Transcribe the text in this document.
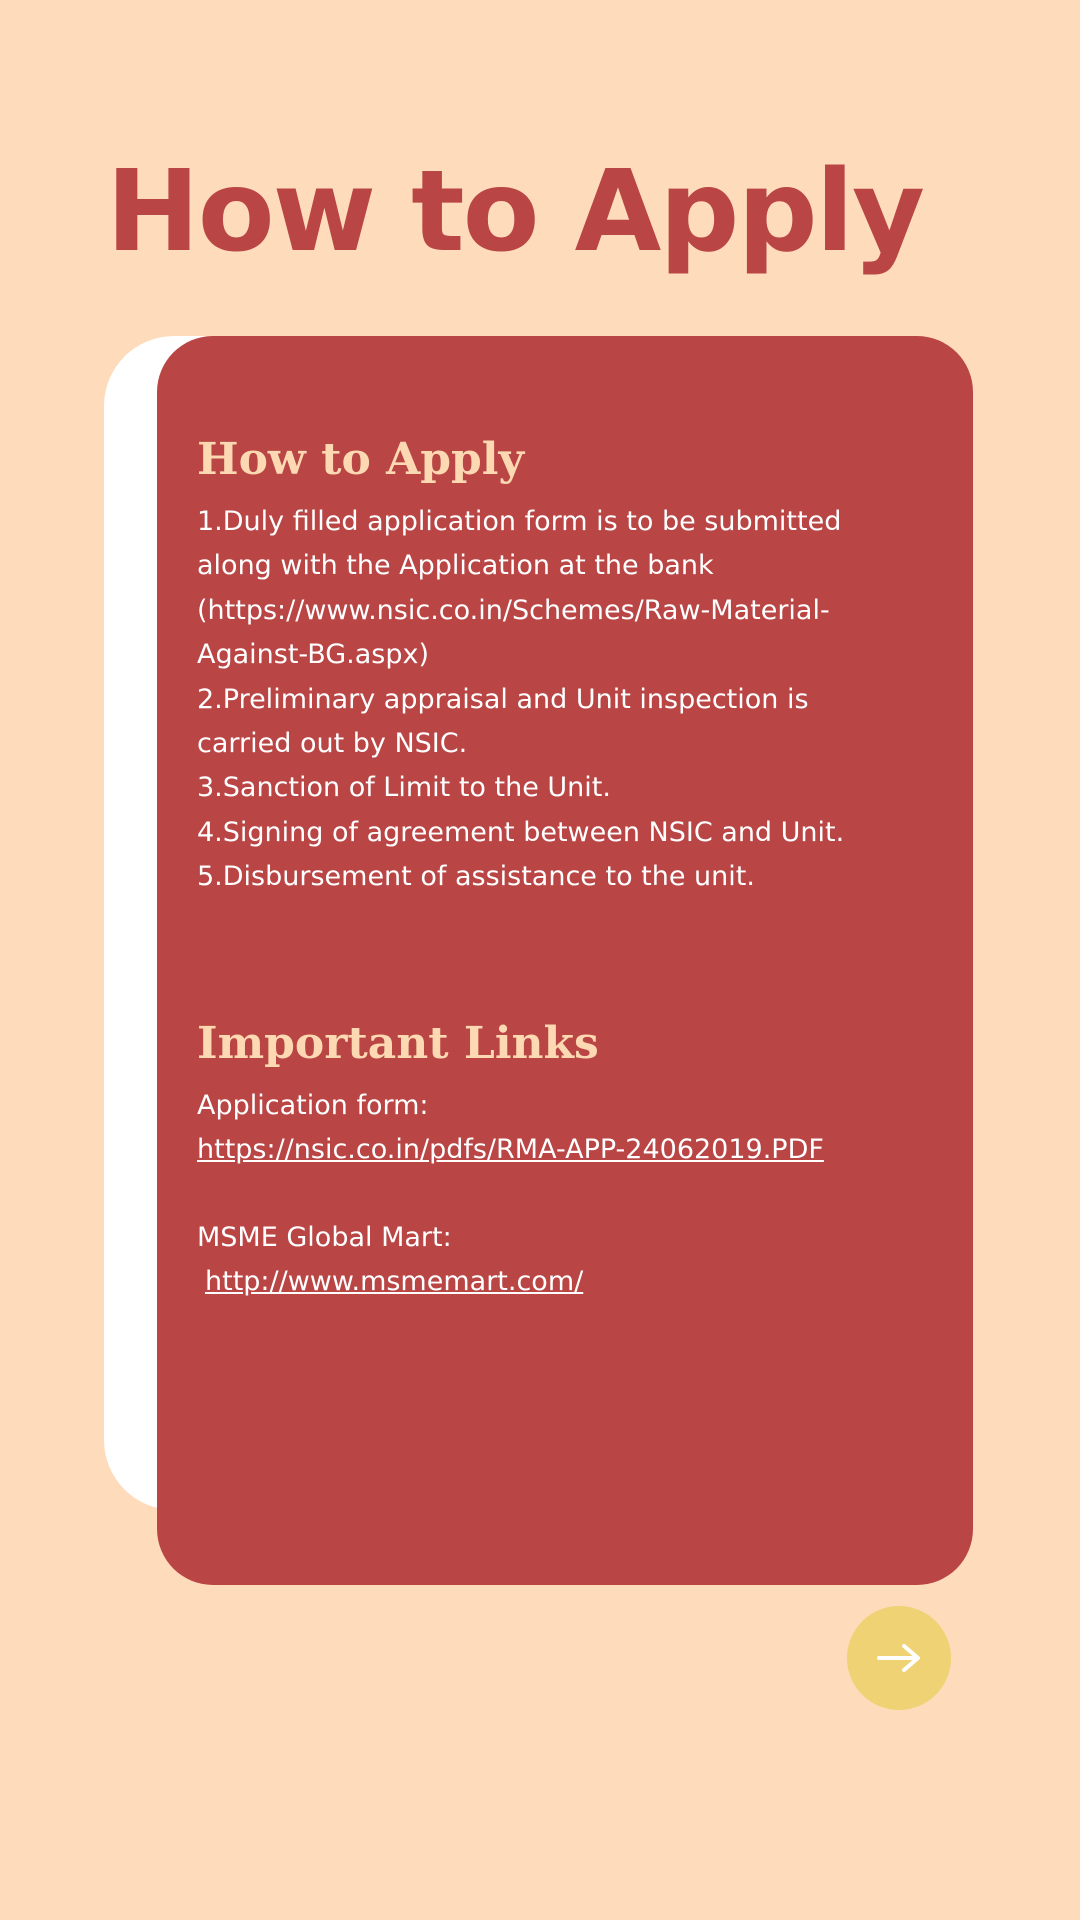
How to Apply
How to Apply
1.Duly filled application form is to be submitted
along with the Application at the bank
(https://www.nsic.co.in/Schemes/Raw-Material-
Against-BG.aspx)
2.Preliminary appraisal and Unit inspection is
carried out by NSIC.
3.Sanction of Limit to the Unit.
4.Signing of agreement between NSIC and Unit.
5.Disbursement of assistance to the unit.
Important Links
Application form:
https://nsic.co.in/pdfs/RMA-APP-24062019.PDF
MSME Global Mart:
http://www.msmemart.com/
